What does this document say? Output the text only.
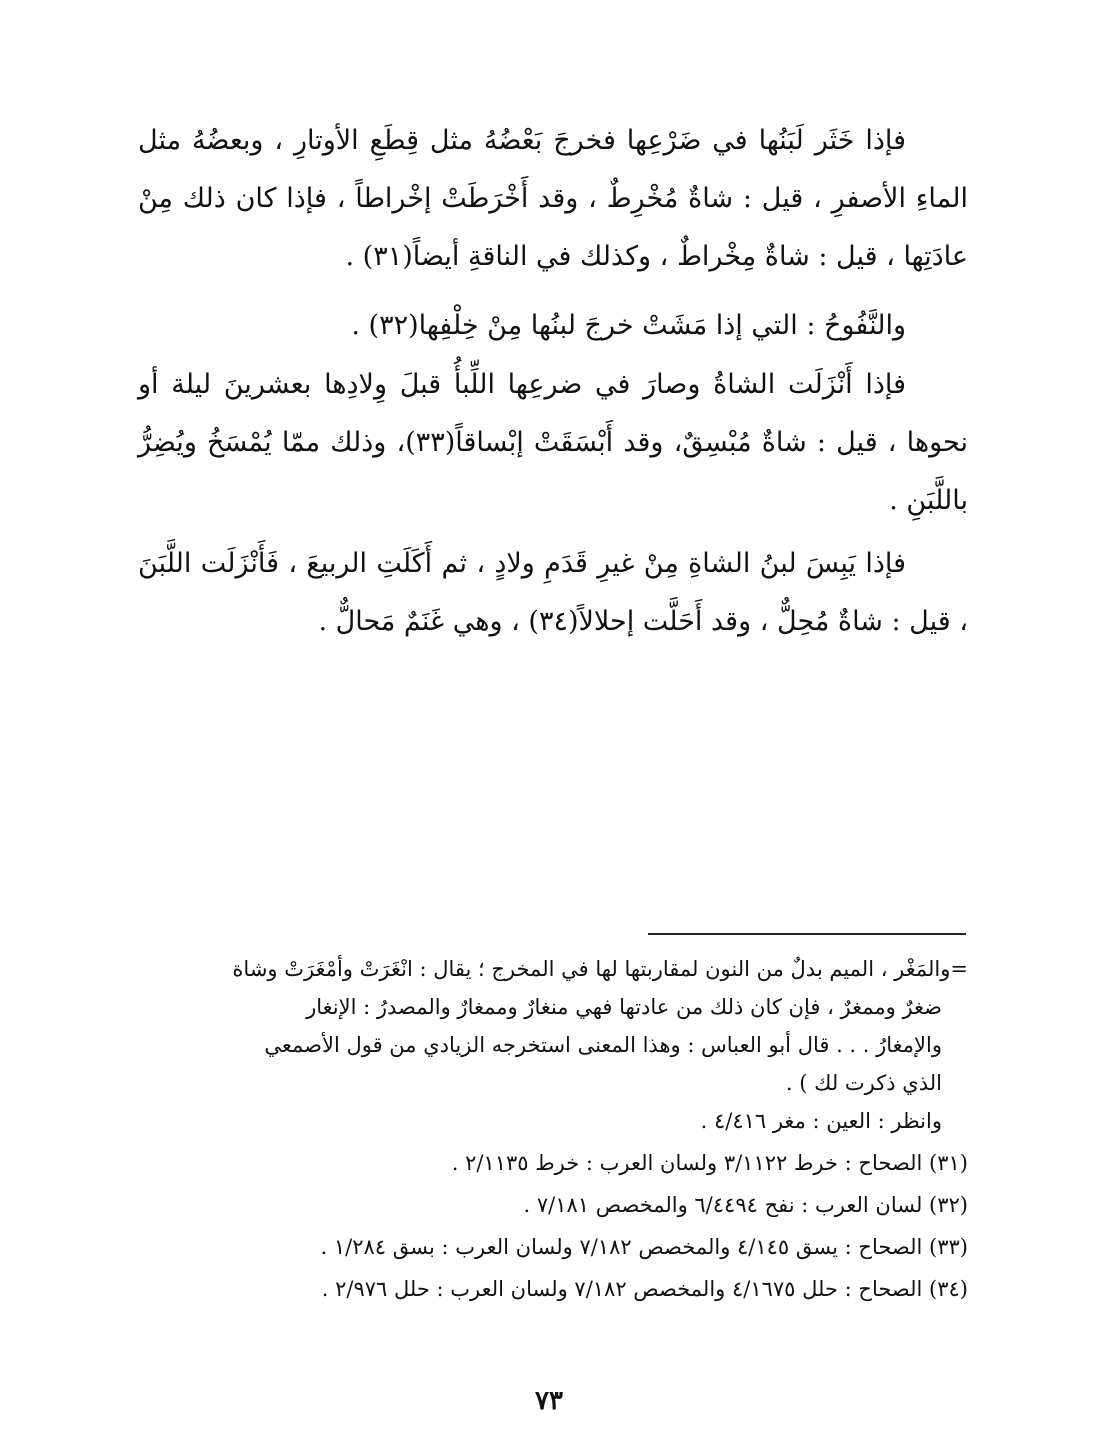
فإذا خَثَر لَبَنُها في ضَرْعِها فخرجَ بَعْضُهُ مثل قِطَعِ الأوتارِ ، وبعضُهُ مثل الماءِ الأصفرِ ، قيل : شاةٌ مُخْرِطٌ ، وقد أَخْرَطَتْ إخْراطاً ، فإذا كان ذلك مِنْ عادَتِها ، قيل : شاةٌ مِخْراطٌ ، وكذلك في الناقةِ أيضاً(٣١) .

والنَّفُوحُ : التي إذا مَشَتْ خرجَ لبنُها مِنْ خِلْفِها(٣٢) .

فإذا أَنْزَلَت الشاةُ وصارَ في ضرعِها اللِّبأُ قبلَ وِلادِها بعشرينَ ليلة أو نحوها ، قيل : شاةٌ مُبْسِقٌ، وقد أَبْسَقَتْ إبْساقاً(٣٣)، وذلك ممّا يُمْسَخُ ويُضِرُّ باللَّبَنِ .

فإذا يَبِسَ لبنُ الشاةِ مِنْ غيرِ قَدَمِ ولادٍ ، ثم أَكَلَتِ الربيعَ ، فَأَنْزَلَت اللَّبَنَ ، قيل : شاةٌ مُحِلٌّ ، وقد أَحَلَّت إحلالاً(٣٤) ، وهي غَنَمٌ مَحالٌّ .

=والمَغْر ، الميم بدلٌ من النون لمقاربتها لها في المخرج ؛ يقال : انْغَرَتْ وأمْغَرَتْ وشاة
ضغرٌ وممغرٌ ، فإن كان ذلك من عادتها فهي منغارٌ وممغارٌ والمصدرُ : الإنغار
والإمغارُ . . . قال أبو العباس : وهذا المعنى استخرجه الزيادي من قول الأصمعي
الذي ذكرت لك ) .
وانظر : العين : مغر ٤/٤١٦ .
(٣١) الصحاح : خرط ٣/١١٢٢ ولسان العرب : خرط ٢/١١٣٥ .
(٣٢) لسان العرب : نفح ٦/٤٤٩٤ والمخصص ٧/١٨١ .
(٣٣) الصحاح : يسق ٤/١٤٥ والمخصص ٧/١٨٢ ولسان العرب : بسق ١/٢٨٤ .
(٣٤) الصحاح : حلل ٤/١٦٧٥ والمخصص ٧/١٨٢ ولسان العرب : حلل ٢/٩٧٦ .
٧٣
